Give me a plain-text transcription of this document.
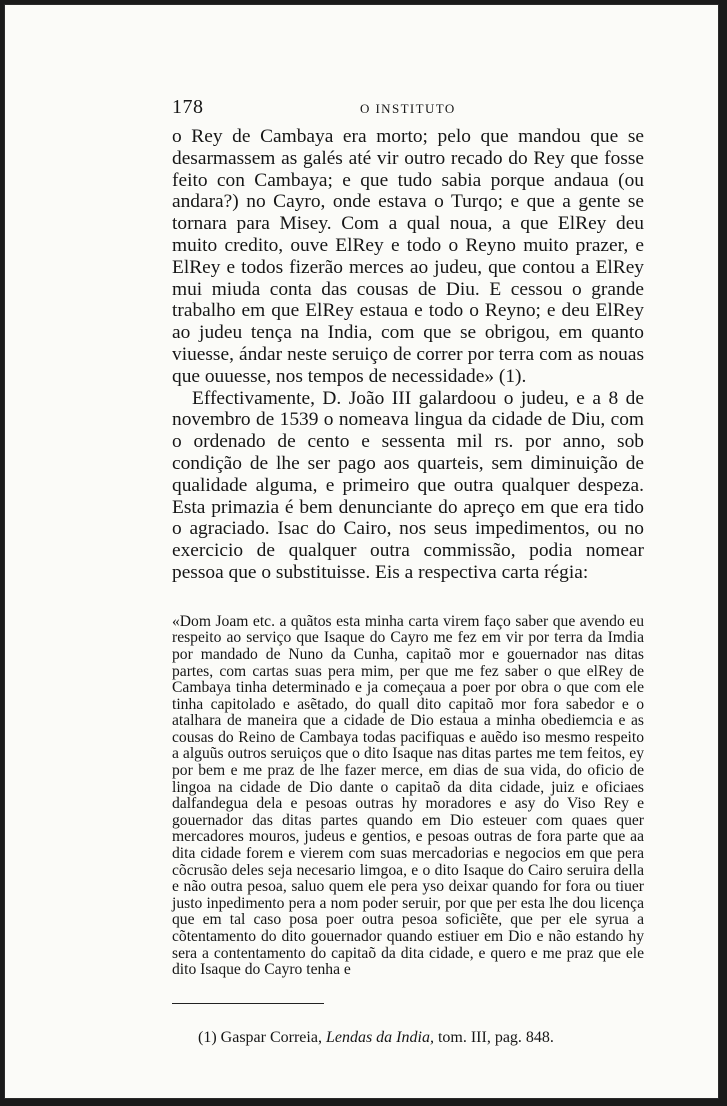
178	O INSTITUTO

o Rey de Cambaya era morto; pelo que mandou que se desarmassem as galés até vir outro recado do Rey que fosse feito con Cambaya; e que tudo sabia porque andaua (ou andara?) no Cayro, onde estava o Turqo; e que a gente se tornara para Misey. Com a qual noua, a que ElRey deu muito credito, ouve ElRey e todo o Reyno muito prazer, e ElRey e todos fizerão merces ao judeu, que contou a ElRey mui miuda conta das cousas de Diu. E cessou o grande trabalho em que ElRey estaua e todo o Reyno; e deu ElRey ao judeu tença na India, com que se obrigou, em quanto viuesse, ándar neste seruiço de correr por terra com as nouas que ouuesse, nos tempos de necessidade» (1).

Effectivamente, D. João III galardoou o judeu, e a 8 de novembro de 1539 o nomeava lingua da cidade de Diu, com o ordenado de cento e sessenta mil rs. por anno, sob condição de lhe ser pago aos quarteis, sem diminuição de qualidade alguma, e primeiro que outra qualquer despeza. Esta primazia é bem denunciante do apreço em que era tido o agraciado. Isac do Cairo, nos seus impedimentos, ou no exercicio de qualquer outra commissão, podia nomear pessoa que o substituisse. Eis a respectiva carta régia:

«Dom Joam etc. a quãtos esta minha carta virem faço saber que avendo eu respeito ao serviço que Isaque do Cayro me fez em vir por terra da Imdia por mandado de Nuno da Cunha, capitaõ mor e gouernador nas ditas partes, com cartas suas pera mim, per que me fez saber o que elRey de Cambaya tinha determinado e ja começaua a poer por obra o que com ele tinha capitolado e asẽtado, do quall dito capitaõ mor fora sabedor e o atalhara de maneira que a cidade de Dio estaua a minha obediemcia e as cousas do Reino de Cambaya todas pacifiquas e auẽdo iso mesmo respeito a alguũs outros seruiços que o dito Isaque nas ditas partes me tem feitos, ey por bem e me praz de lhe fazer merce, em dias de sua vida, do oficio de lingoa na cidade de Dio dante o capitaõ da dita cidade, juiz e oficiaes dalfandegua dela e pesoas outras hy moradores e asy do Viso Rey e gouernador das ditas partes quando em Dio esteuer com quaes quer mercadores mouros, judeus e gentios, e pesoas outras de fora parte que aa dita cidade forem e vierem com suas mercadorias e negocios em que pera cõcrusão deles seja necesario limgoa, e o dito Isaque do Cairo seruira della e não outra pesoa, saluo quem ele pera yso deixar quando for fora ou tiuer justo inpedimento pera a nom poder seruir, por que per esta lhe dou licença que em tal caso posa poer outra pesoa soficiẽte, que per ele syrua a cõtentamento do dito gouernador quando estiuer em Dio e não estando hy sera a contentamento do capitaõ da dita cidade, e quero e me praz que ele dito Isaque do Cayro tenha e

(1) Gaspar Correia, Lendas da India, tom. III, pag. 848.
